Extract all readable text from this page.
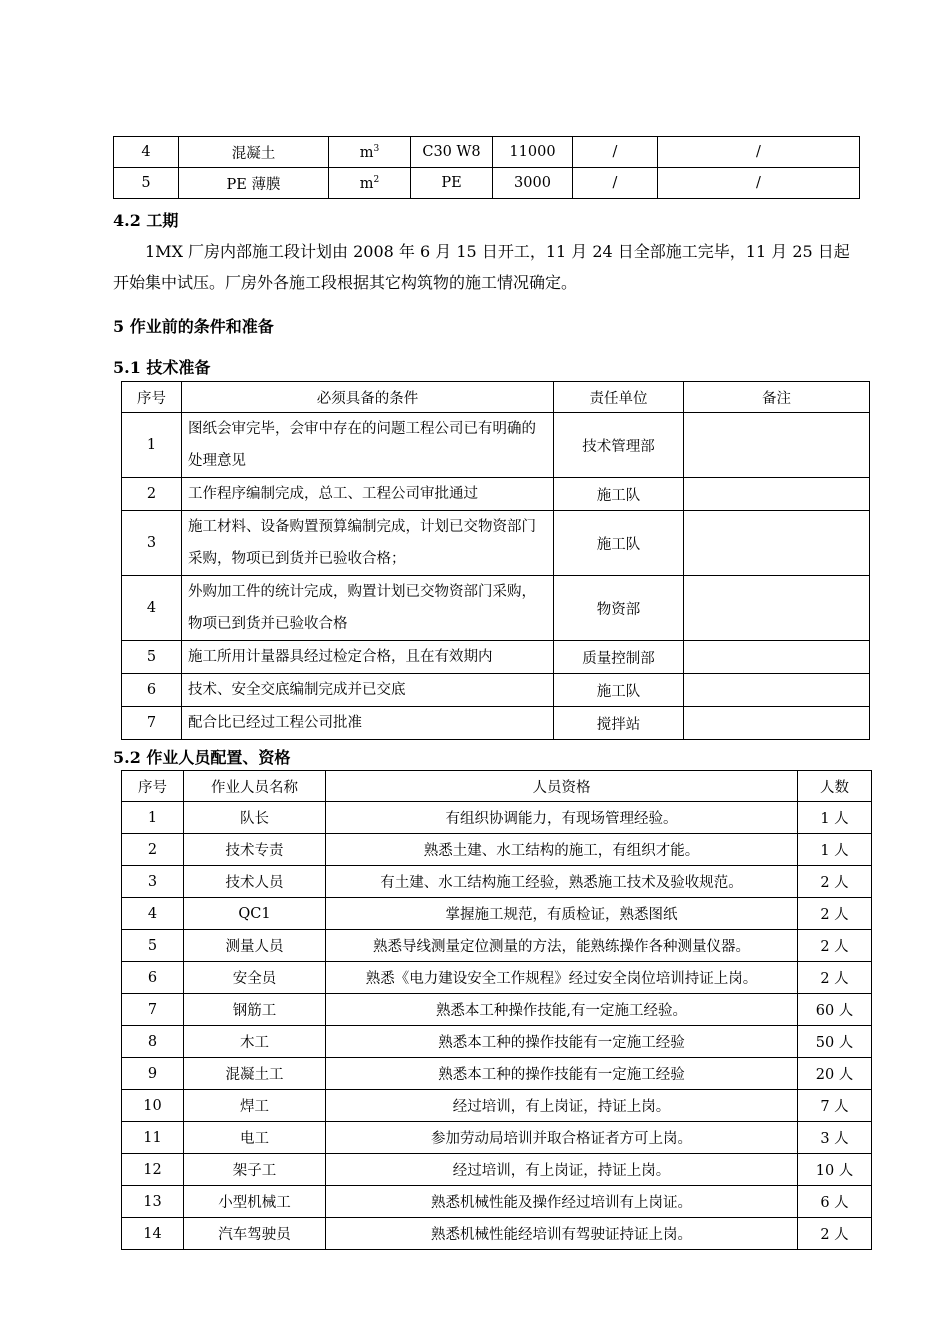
4	混凝土	$m^3$	C30 W8	11000	/	/
5	PE 薄膜	$m^2$	PE	3000	/	/
4.2 工期
1MX 厂房内部施工段计划由 2008 年 6 月 15 日开工，11 月 24 日全部施工完毕，11 月 25 日起开始集中试压。厂房外各施工段根据其它构筑物的施工情况确定。
5 作业前的条件和准备
5.1 技术准备
序号	必须具备的条件	责任单位	备注
1	图纸会审完毕，会审中存在的问题工程公司已有明确的处理意见	技术管理部	
2	工作程序编制完成，总工、工程公司审批通过	施工队	
3	施工材料、设备购置预算编制完成，计划已交物资部门采购，物项已到货并已验收合格；	施工队	
4	外购加工件的统计完成，购置计划已交物资部门采购，物项已到货并已验收合格	物资部	
5	施工所用计量器具经过检定合格，且在有效期内	质量控制部	
6	技术、安全交底编制完成并已交底	施工队	
7	配合比已经过工程公司批准	搅拌站	
5.2 作业人员配置、资格
序号	作业人员名称	人员资格	人数
1	队长	有组织协调能力，有现场管理经验。	1 人
2	技术专责	熟悉土建、水工结构的施工，有组织才能。	1 人
3	技术人员	有土建、水工结构施工经验，熟悉施工技术及验收规范。	2 人
4	QC1	掌握施工规范，有质检证，熟悉图纸	2 人
5	测量人员	熟悉导线测量定位测量的方法，能熟练操作各种测量仪器。	2 人
6	安全员	熟悉《电力建设安全工作规程》经过安全岗位培训持证上岗。	2 人
7	钢筋工	熟悉本工种操作技能,有一定施工经验。	60 人
8	木工	熟悉本工种的操作技能有一定施工经验	50 人
9	混凝土工	熟悉本工种的操作技能有一定施工经验	20 人
10	焊工	经过培训，有上岗证，持证上岗。	7 人
11	电工	参加劳动局培训并取合格证者方可上岗。	3 人
12	架子工	经过培训，有上岗证，持证上岗。	10 人
13	小型机械工	熟悉机械性能及操作经过培训有上岗证。	6 人
14	汽车驾驶员	熟悉机械性能经培训有驾驶证持证上岗。	2 人
